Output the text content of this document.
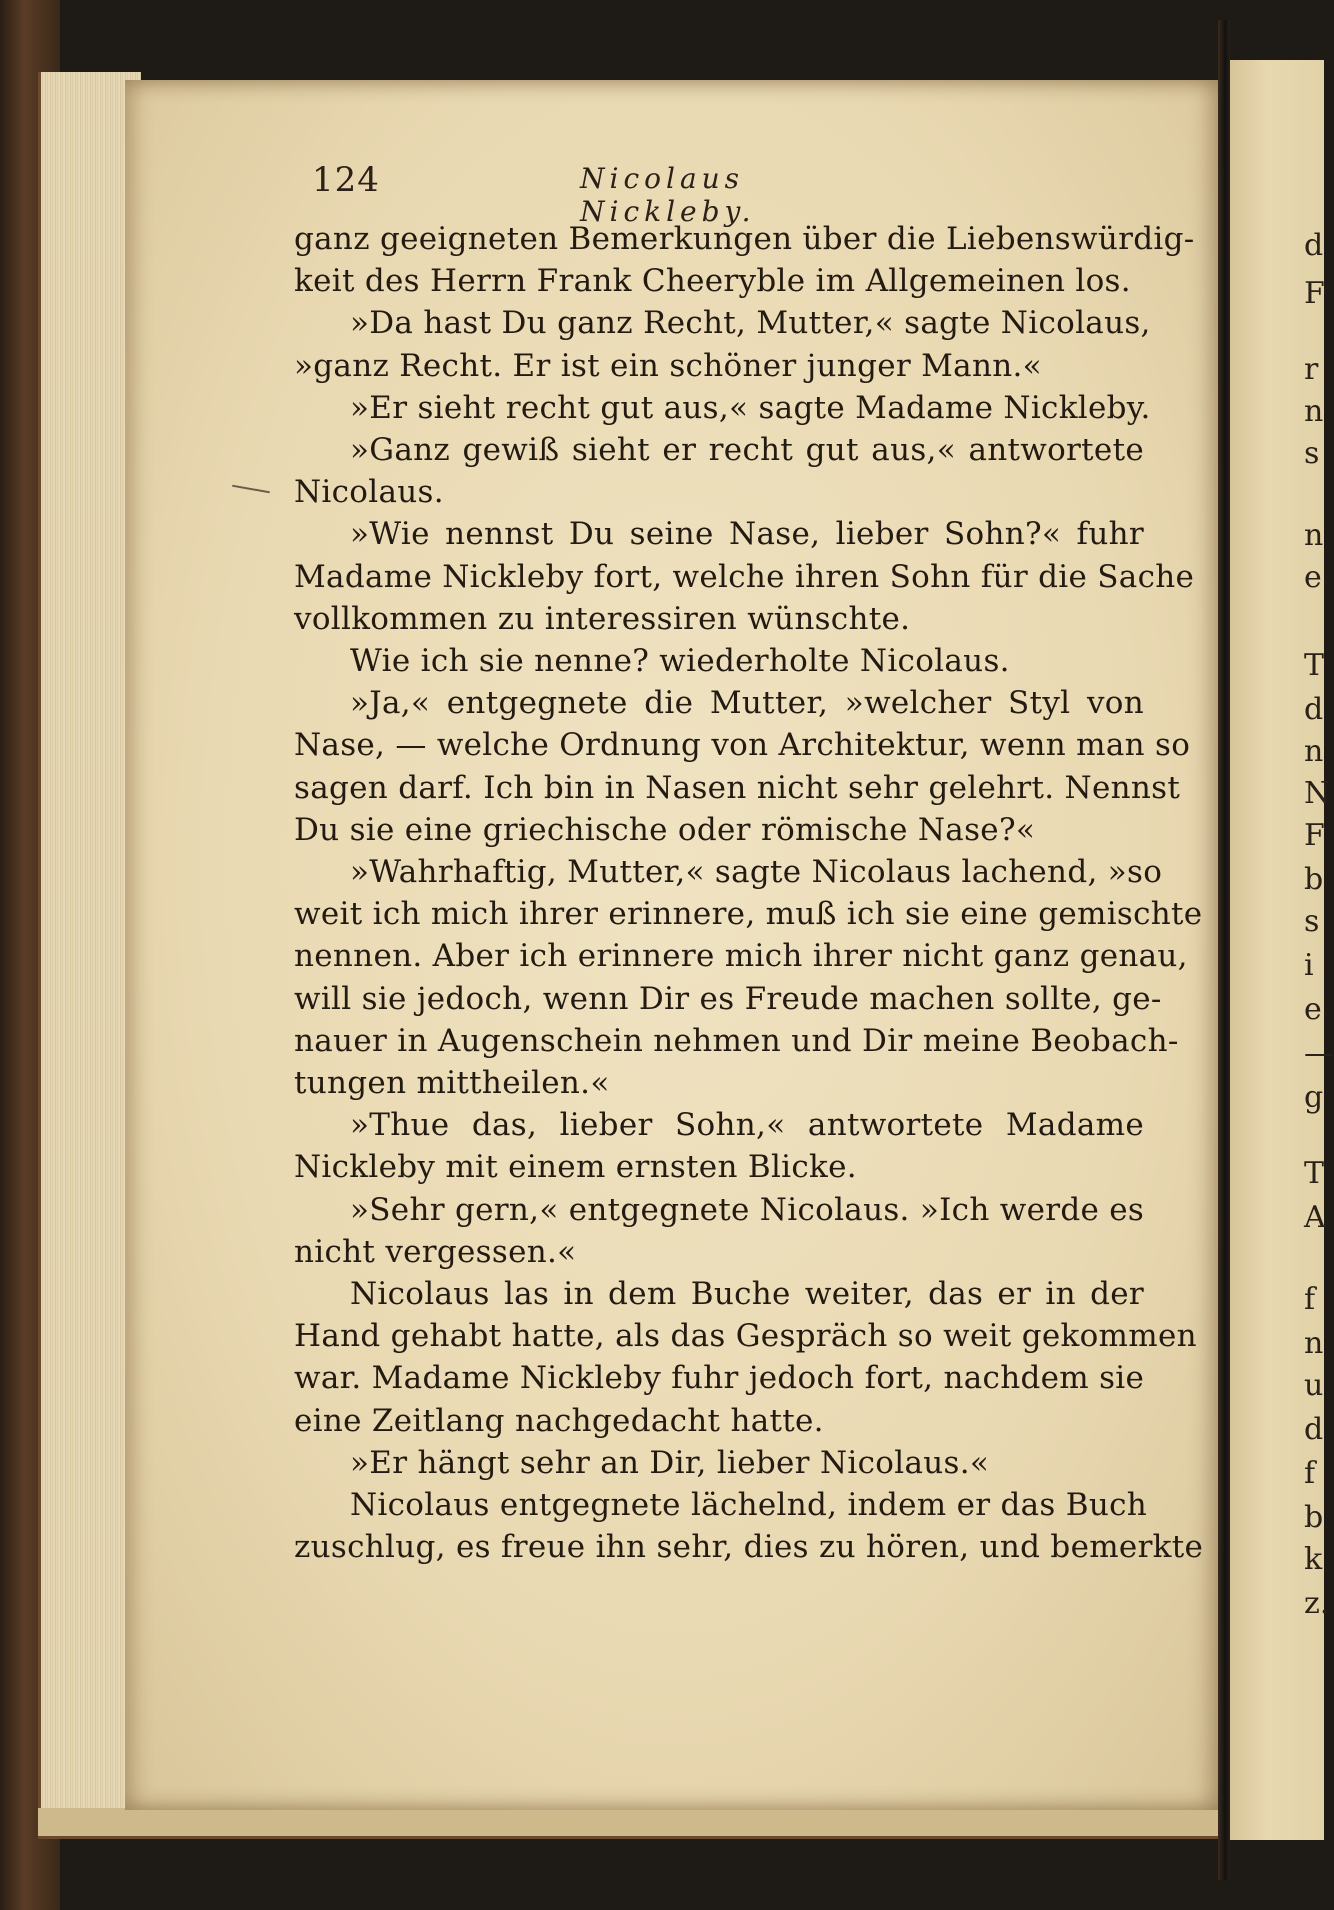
d
F
r
n
s
n
e
T
d
n
N
F
b
s
i
e
—
g
T
A
f
n
u
d
f
b
k
z.
124	Nicolaus Nickleby.
ganz geeigneten Bemerkungen über die Liebenswürdig-
keit des Herrn Frank Cheeryble im Allgemeinen los.
»Da hast Du ganz Recht, Mutter,« sagte Nicolaus,
»ganz Recht. Er ist ein schöner junger Mann.«
»Er sieht recht gut aus,« sagte Madame Nickleby.
»Ganz gewiß sieht er recht gut aus,« antwortete
Nicolaus.
»Wie nennst Du seine Nase, lieber Sohn?« fuhr
Madame Nickleby fort, welche ihren Sohn für die Sache
vollkommen zu interessiren wünschte.
Wie ich sie nenne? wiederholte Nicolaus.
»Ja,« entgegnete die Mutter, »welcher Styl von
Nase, — welche Ordnung von Architektur, wenn man so
sagen darf. Ich bin in Nasen nicht sehr gelehrt. Nennst
Du sie eine griechische oder römische Nase?«
»Wahrhaftig, Mutter,« sagte Nicolaus lachend, »so
weit ich mich ihrer erinnere, muß ich sie eine gemischte
nennen. Aber ich erinnere mich ihrer nicht ganz genau,
will sie jedoch, wenn Dir es Freude machen sollte, ge-
nauer in Augenschein nehmen und Dir meine Beobach-
tungen mittheilen.«
»Thue das, lieber Sohn,« antwortete Madame
Nickleby mit einem ernsten Blicke.
»Sehr gern,« entgegnete Nicolaus. »Ich werde es
nicht vergessen.«
Nicolaus las in dem Buche weiter, das er in der
Hand gehabt hatte, als das Gespräch so weit gekommen
war. Madame Nickleby fuhr jedoch fort, nachdem sie
eine Zeitlang nachgedacht hatte.
»Er hängt sehr an Dir, lieber Nicolaus.«
Nicolaus entgegnete lächelnd, indem er das Buch
zuschlug, es freue ihn sehr, dies zu hören, und bemerkte
